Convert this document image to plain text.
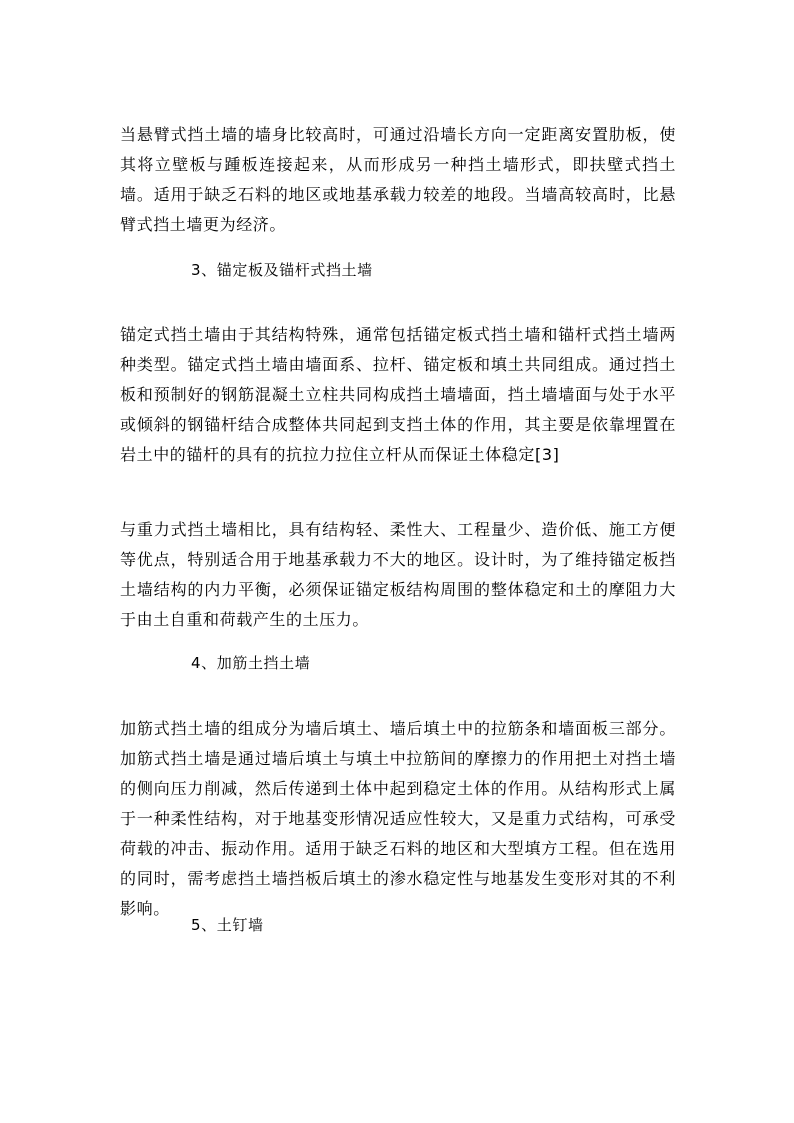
当悬臂式挡土墙的墙身比较高时，可通过沿墙长方向一定距离安置肋板，使其将立壁板与踵板连接起来，从而形成另一种挡土墙形式，即扶壁式挡土墙。适用于缺乏石料的地区或地基承载力较差的地段。当墙高较高时，比悬臂式挡土墙更为经济。

3、锚定板及锚杆式挡土墙

锚定式挡土墙由于其结构特殊，通常包括锚定板式挡土墙和锚杆式挡土墙两种类型。锚定式挡土墙由墙面系、拉杆、锚定板和填土共同组成。通过挡土板和预制好的钢筋混凝土立柱共同构成挡土墙墙面，挡土墙墙面与处于水平或倾斜的钢锚杆结合成整体共同起到支挡土体的作用，其主要是依靠埋置在岩土中的锚杆的具有的抗拉力拉住立杆从而保证土体稳定[3]

与重力式挡土墙相比，具有结构轻、柔性大、工程量少、造价低、施工方便等优点，特别适合用于地基承载力不大的地区。设计时，为了维持锚定板挡土墙结构的内力平衡，必须保证锚定板结构周围的整体稳定和土的摩阻力大于由土自重和荷载产生的土压力。

4、加筋土挡土墙

加筋式挡土墙的组成分为墙后填土、墙后填土中的拉筋条和墙面板三部分。加筋式挡土墙是通过墙后填土与填土中拉筋间的摩擦力的作用把土对挡土墙的侧向压力削减，然后传递到土体中起到稳定土体的作用。从结构形式上属于一种柔性结构，对于地基变形情况适应性较大，又是重力式结构，可承受荷载的冲击、振动作用。适用于缺乏石料的地区和大型填方工程。但在选用的同时，需考虑挡土墙挡板后填土的渗水稳定性与地基发生变形对其的不利影响。

5、土钉墙
